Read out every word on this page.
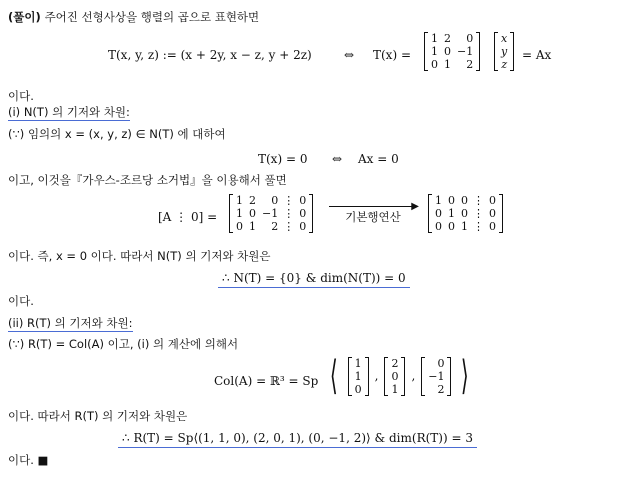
(풀이) 주어진 선형사상을 행렬의 곱으로 표현하면
T(x, y, z) := (x + 2y, x − z, y + 2z)	⇔ T(x) =
1	2	0
1	0	−1
0	1	2
x
y
z
= Ax
이다.
(i) N(T) 의 기저와 차원:
(∵) 임의의 x = (x, y, z) ∈ N(T) 에 대하여
T(x) = 0 ⇔ Ax = 0
이고, 이것을『가우스-조르당 소거법』을 이용해서 풀면
[A ⋮ 0] =
1	2	0	⋮	0
1	0	−1	⋮	0
0	1	2	⋮	0
▶
기본행연산
1	0	0	⋮	0
0	1	0	⋮	0
0	0	1	⋮	0
이다. 즉, x = 0 이다. 따라서 N(T) 의 기저와 차원은
∴ N(T) = {0} & dim(N(T)) = 0
이다.
(ii) R(T) 의 기저와 차원:
(∵) R(T) = Col(A) 이고, (i) 의 계산에 의해서
Col(A) = ℝ³ = Sp ⟨ 1
1
0
,
2
0
1
,
0
−1
2 ⟩
이다. 따라서 R(T) 의 기저와 차원은
∴ R(T) = Sp⟨(1, 1, 0), (2, 0, 1), (0, −1, 2)⟩ & dim(R(T)) = 3
이다. ■
